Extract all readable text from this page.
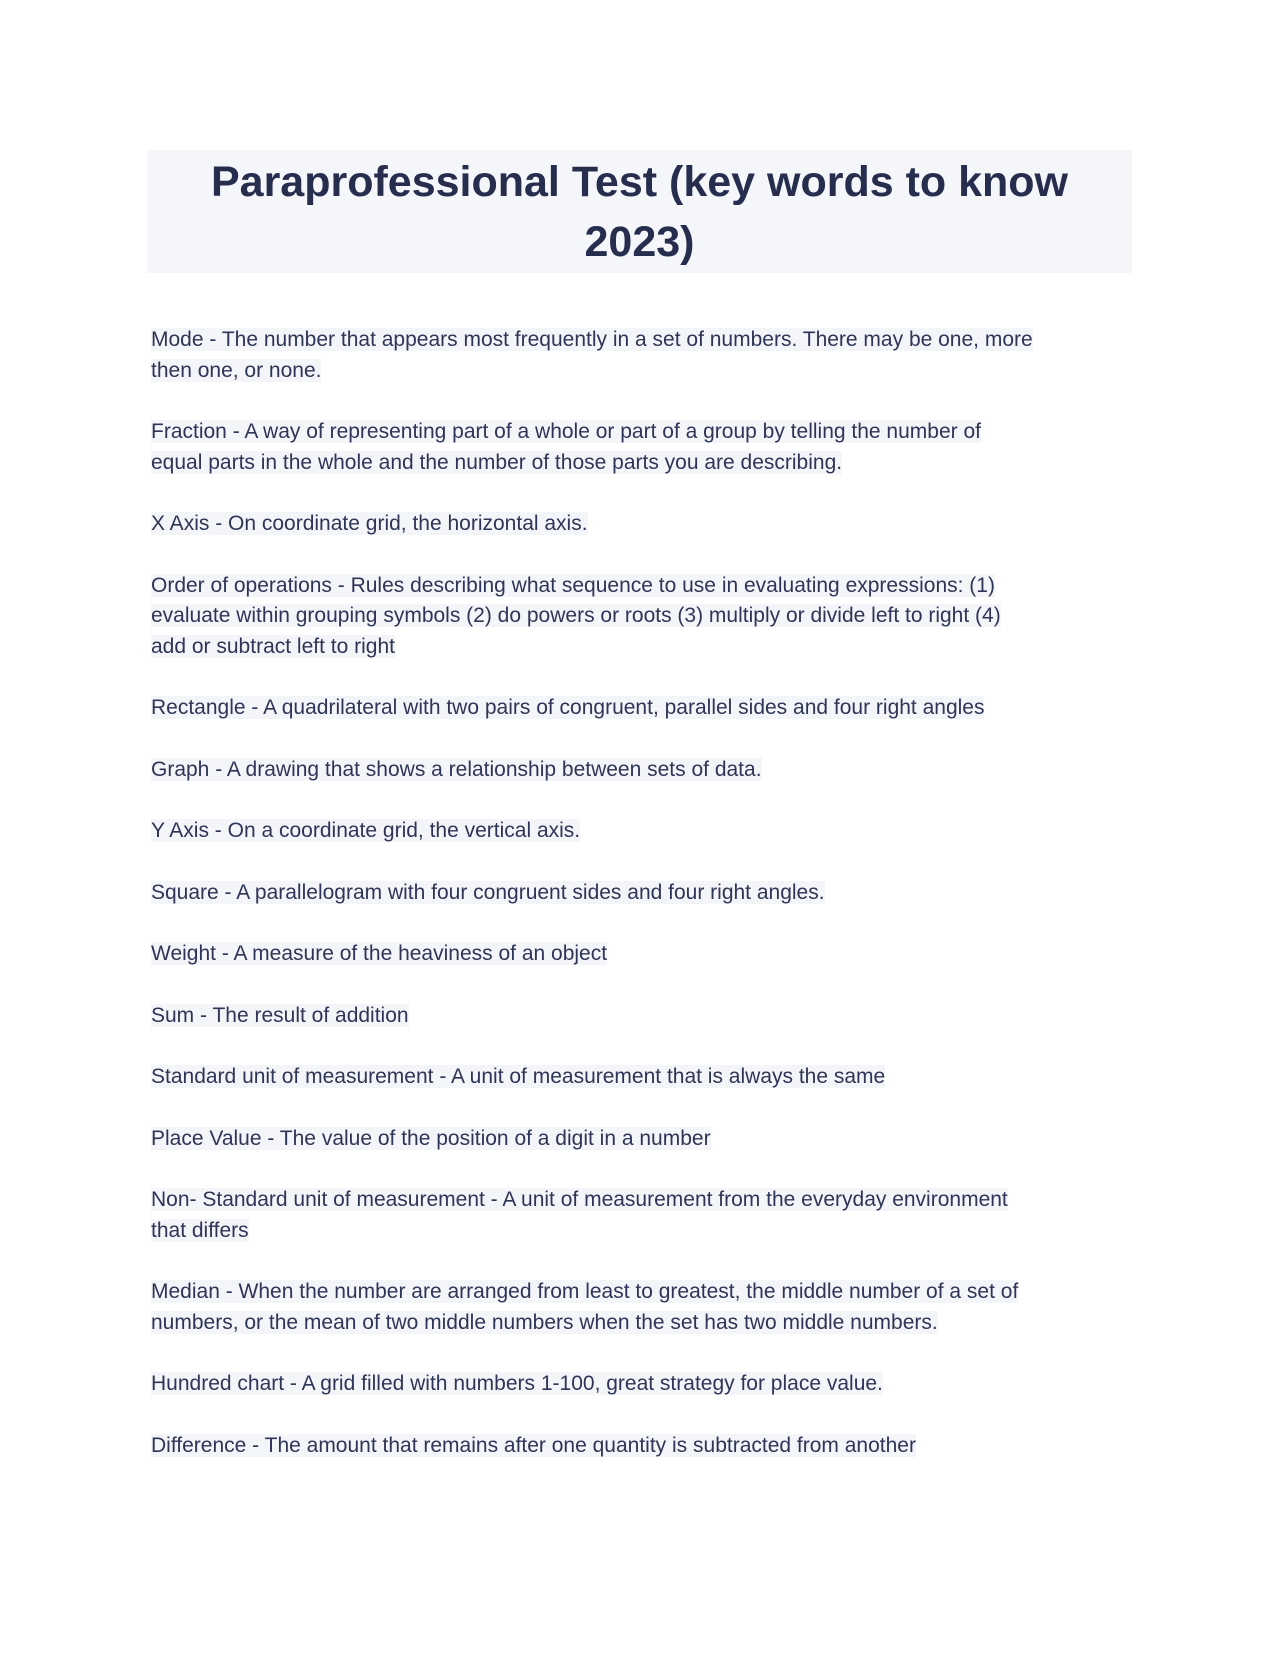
Paraprofessional Test (key words to know
2023)
Mode - The number that appears most frequently in a set of numbers. There may be one, more
then one, or none.
Fraction - A way of representing part of a whole or part of a group by telling the number of
equal parts in the whole and the number of those parts you are describing.
X Axis - On coordinate grid, the horizontal axis.
Order of operations - Rules describing what sequence to use in evaluating expressions: (1)
evaluate within grouping symbols (2) do powers or roots (3) multiply or divide left to right (4)
add or subtract left to right
Rectangle - A quadrilateral with two pairs of congruent, parallel sides and four right angles
Graph - A drawing that shows a relationship between sets of data.
Y Axis - On a coordinate grid, the vertical axis.
Square - A parallelogram with four congruent sides and four right angles.
Weight - A measure of the heaviness of an object
Sum - The result of addition
Standard unit of measurement - A unit of measurement that is always the same
Place Value - The value of the position of a digit in a number
Non- Standard unit of measurement - A unit of measurement from the everyday environment
that differs
Median - When the number are arranged from least to greatest, the middle number of a set of
numbers, or the mean of two middle numbers when the set has two middle numbers.
Hundred chart - A grid filled with numbers 1-100, great strategy for place value.
Difference - The amount that remains after one quantity is subtracted from another
